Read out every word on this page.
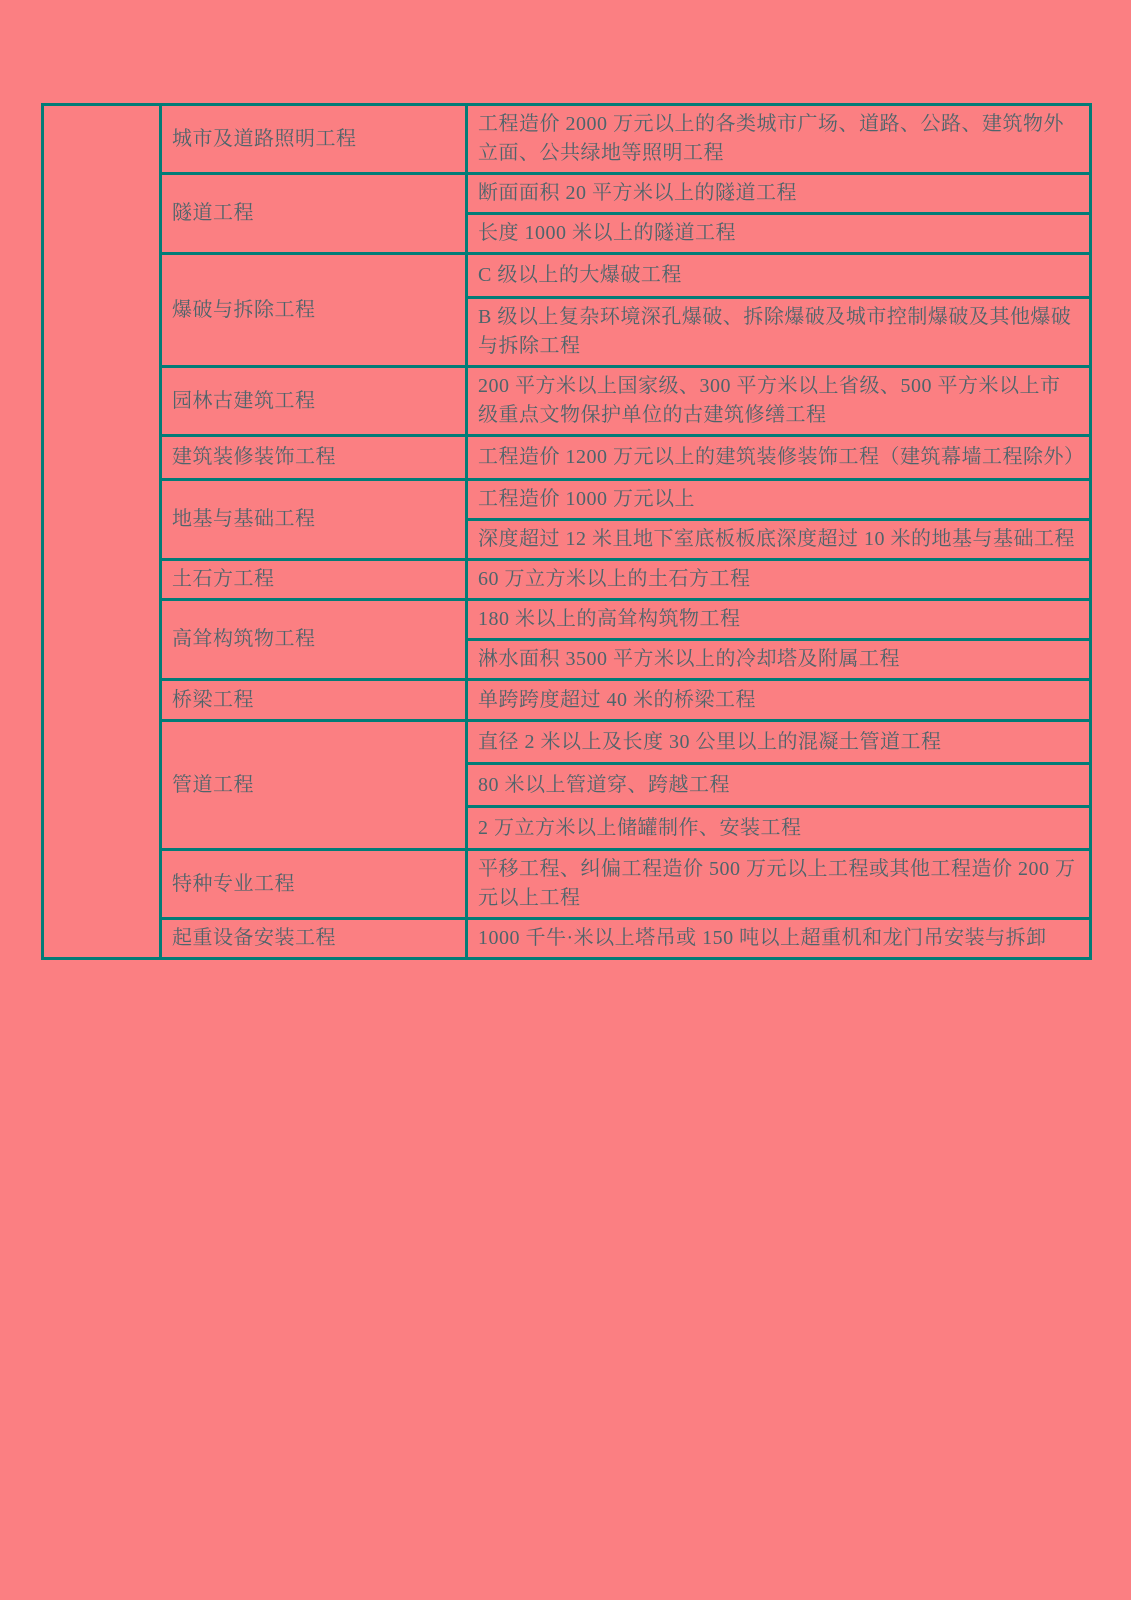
	城市及道路照明工程	工程造价 2000 万元以上的各类城市广场、道路、公路、建筑物外立面、公共绿地等照明工程
	隧道工程	断面面积 20 平方米以上的隧道工程
		长度 1000 米以上的隧道工程
	爆破与拆除工程	C 级以上的大爆破工程
		B 级以上复杂环境深孔爆破、拆除爆破及城市控制爆破及其他爆破与拆除工程
	园林古建筑工程	200 平方米以上国家级、300 平方米以上省级、500 平方米以上市级重点文物保护单位的古建筑修缮工程
	建筑装修装饰工程	工程造价 1200 万元以上的建筑装修装饰工程（建筑幕墙工程除外）
	地基与基础工程	工程造价 1000 万元以上
		深度超过 12 米且地下室底板板底深度超过 10 米的地基与基础工程
	土石方工程	60 万立方米以上的土石方工程
	高耸构筑物工程	180 米以上的高耸构筑物工程
		淋水面积 3500 平方米以上的冷却塔及附属工程
	桥梁工程	单跨跨度超过 40 米的桥梁工程
	管道工程	直径 2 米以上及长度 30 公里以上的混凝土管道工程
		80 米以上管道穿、跨越工程
		2 万立方米以上储罐制作、安装工程
	特种专业工程	平移工程、纠偏工程造价 500 万元以上工程或其他工程造价 200 万元以上工程
	起重设备安装工程	1000 千牛·米以上塔吊或 150 吨以上超重机和龙门吊安装与拆卸
